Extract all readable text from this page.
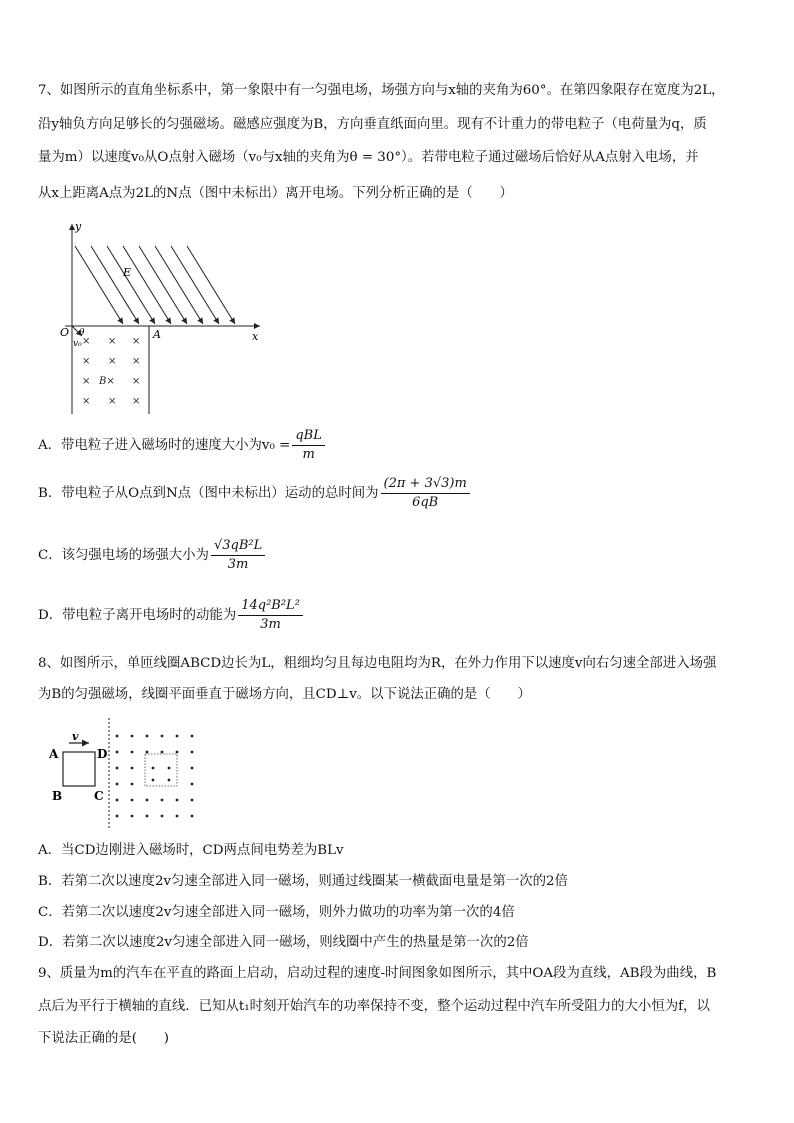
7、如图所示的直角坐标系中，第一象限中有一匀强电场，场强方向与x轴的夹角为60°。在第四象限存在宽度为2L，
沿y轴负方向足够长的匀强磁场。磁感应强度为B，方向垂直纸面向里。现有不计重力的带电粒子（电荷量为q，质
量为m）以速度v₀从O点射入磁场（v₀与x轴的夹角为θ = 30°）。若带电粒子通过磁场后恰好从A点射入电场，并
从x上距离A点为2L的N点（图中未标出）离开电场。下列分析正确的是（　　）
y
x
O	A
E
θ
v₀ × × ×
× × ×
× B× ×
× × ×
A．带电粒子进入磁场时的速度大小为$v_0 = \frac{\text{qBL}}{m}$
B．带电粒子从O点到N点（图中未标出）运动的总时间为 $\frac{(2\pi + 3√3)m}{6qB}$
C．该匀强电场的场强大小为 $\frac{\text{√3qB²L}}{3m}$
D．带电粒子离开电场时的动能为 $\frac{\text{14q²B²L²}}{3m}$
8、如图所示，单匝线圈ABCD边长为L，粗细均匀且每边电阻均为R，在外力作用下以速度v向右匀速全部进入场强
为B的匀强磁场，线圈平面垂直于磁场方向，且CD⊥v。以下说法正确的是（　　）
v
A	D
B	C
A．当CD边刚进入磁场时，CD两点间电势差为BLv
B．若第二次以速度2v匀速全部进入同一磁场，则通过线圈某一横截面电量是第一次的2倍
C．若第二次以速度2v匀速全部进入同一磁场，则外力做功的功率为第一次的4倍
D．若第二次以速度2v匀速全部进入同一磁场，则线圈中产生的热量是第一次的2倍
9、质量为m的汽车在平直的路面上启动，启动过程的速度-时间图象如图所示，其中OA段为直线，AB段为曲线，B
点后为平行于横轴的直线．已知从t₁时刻开始汽车的功率保持不变，整个运动过程中汽车所受阻力的大小恒为f，以
下说法正确的是(　　)
